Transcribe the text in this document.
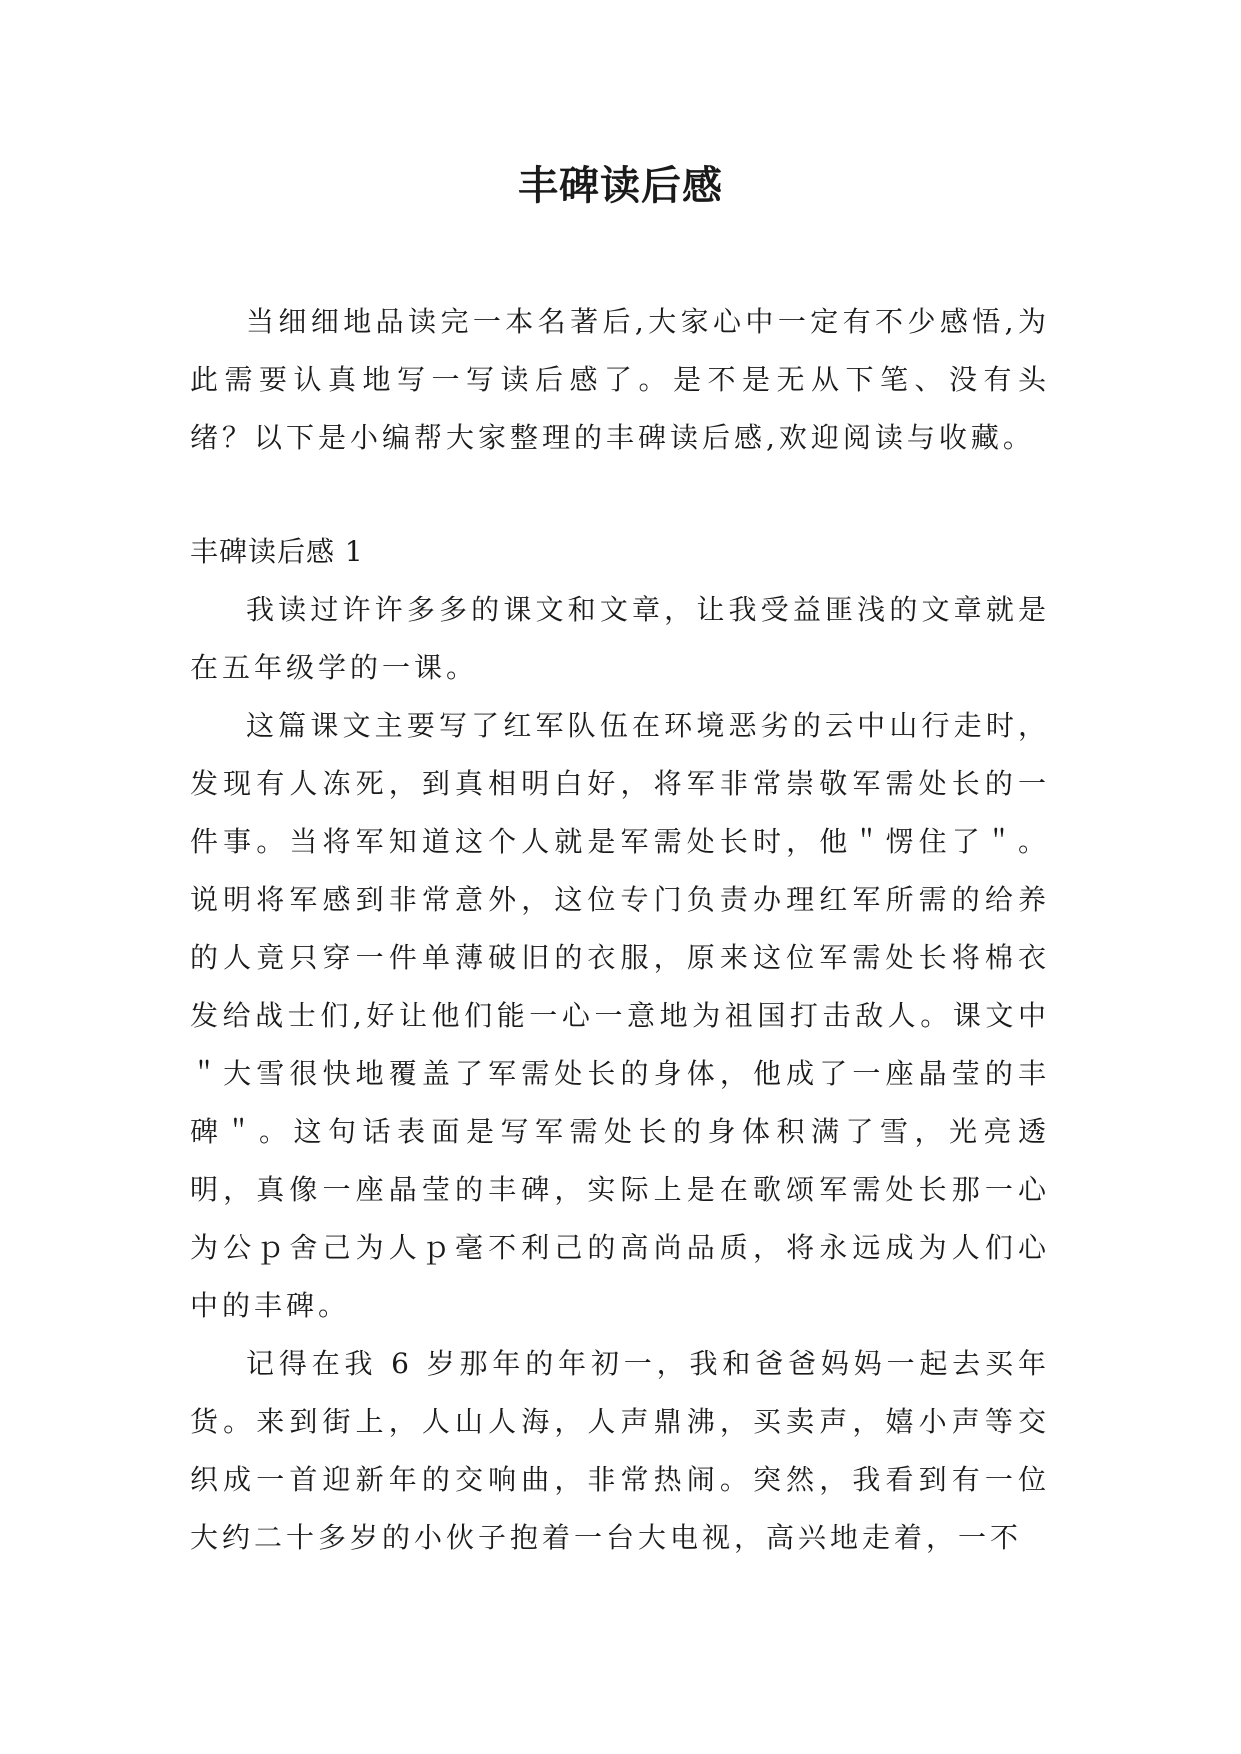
丰碑读后感

当细细地品读完一本名著后,大家心中一定有不少感悟,为此需要认真地写一写读后感了。是不是无从下笔、没有头绪？以下是小编帮大家整理的丰碑读后感,欢迎阅读与收藏。

丰碑读后感 1

我读过许许多多的课文和文章，让我受益匪浅的文章就是在五年级学的一课。

这篇课文主要写了红军队伍在环境恶劣的云中山行走时，发现有人冻死，到真相明白好，将军非常崇敬军需处长的一件事。当将军知道这个人就是军需处长时，他＂愣住了＂。说明将军感到非常意外，这位专门负责办理红军所需的给养的人竟只穿一件单薄破旧的衣服，原来这位军需处长将棉衣发给战士们,好让他们能一心一意地为祖国打击敌人。课文中＂大雪很快地覆盖了军需处长的身体，他成了一座晶莹的丰碑＂。这句话表面是写军需处长的身体积满了雪，光亮透明，真像一座晶莹的丰碑，实际上是在歌颂军需处长那一心为公ｐ舍己为人ｐ毫不利己的高尚品质，将永远成为人们心中的丰碑。

记得在我 6 岁那年的年初一，我和爸爸妈妈一起去买年货。来到街上，人山人海，人声鼎沸，买卖声，嬉小声等交织成一首迎新年的交响曲，非常热闹。突然，我看到有一位大约二十多岁的小伙子抱着一台大电视，高兴地走着，一不
